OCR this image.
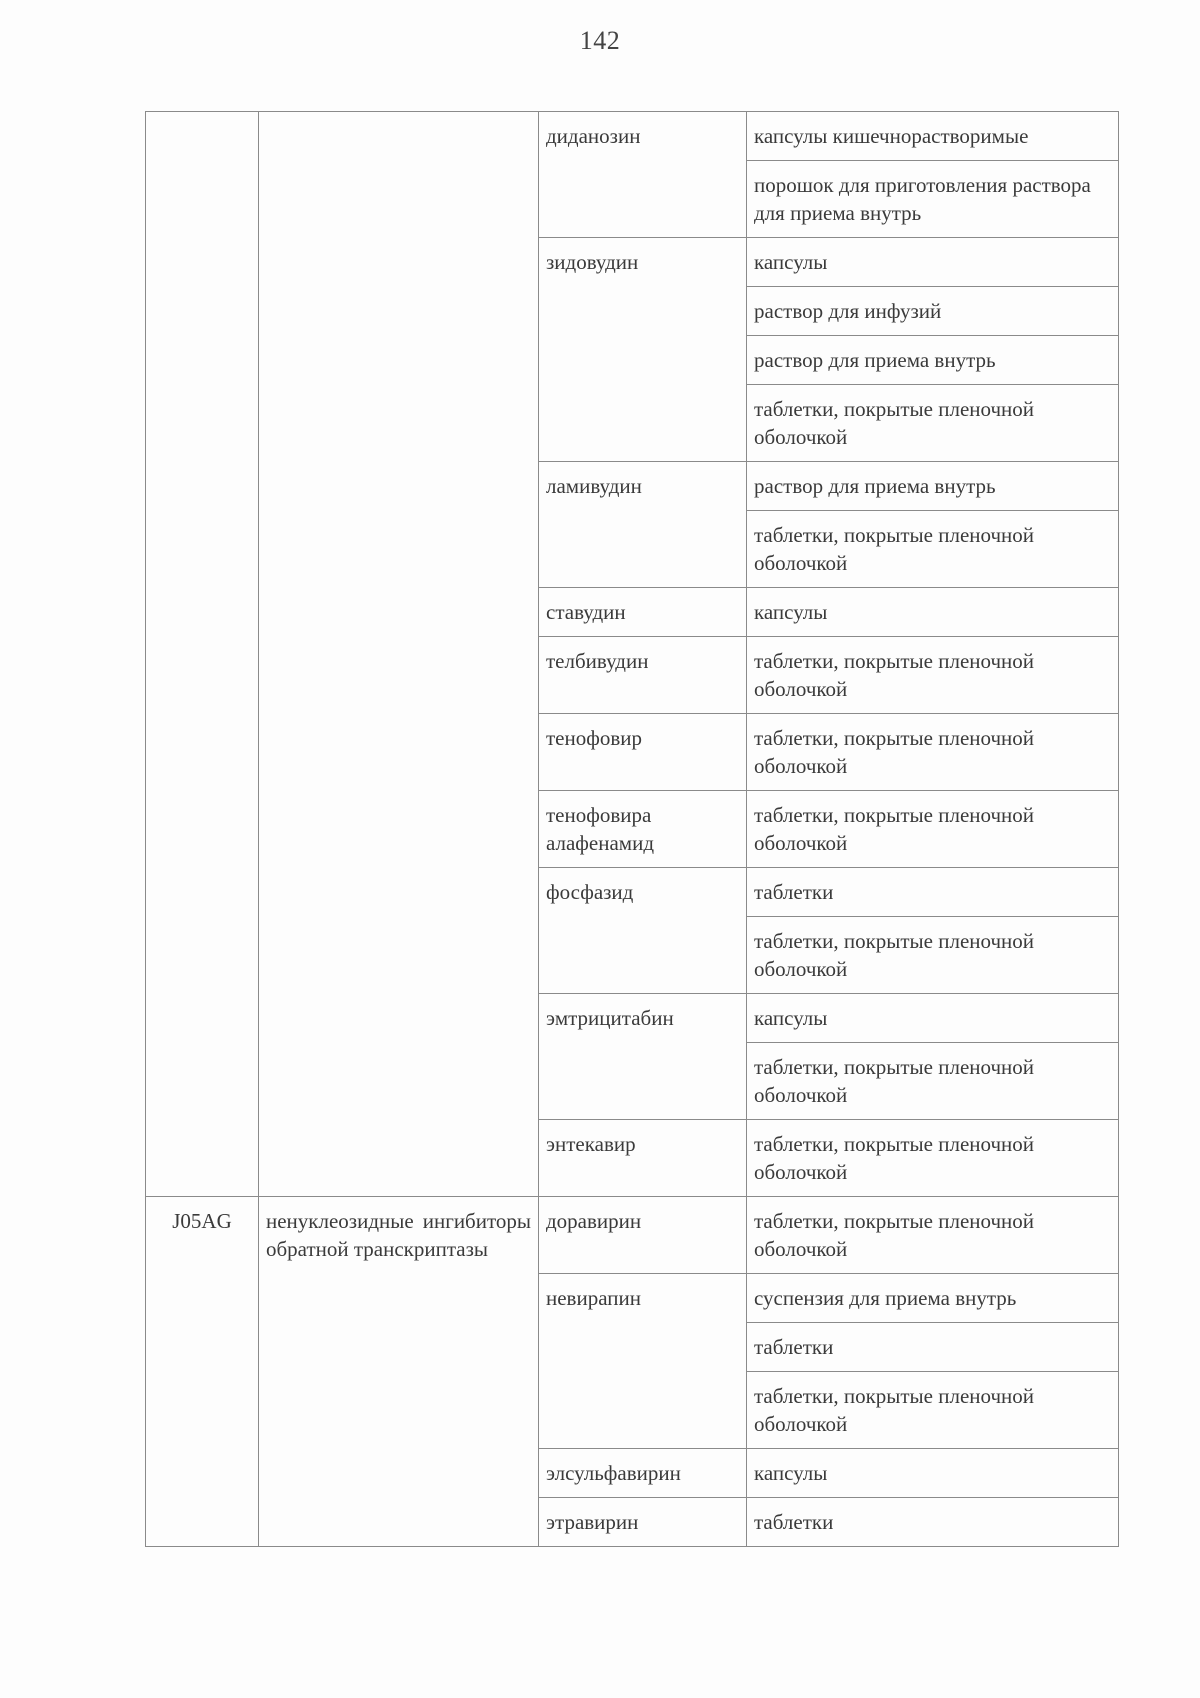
142
		диданозин	капсулы кишечнорастворимые
			порошок для приготовления раствора для приема внутрь
		зидовудин	капсулы
			раствор для инфузий
			раствор для приема внутрь
			таблетки, покрытые пленочной оболочкой
		ламивудин	раствор для приема внутрь
			таблетки, покрытые пленочной оболочкой
		ставудин	капсулы
		телбивудин	таблетки, покрытые пленочной оболочкой
		тенофовир	таблетки, покрытые пленочной оболочкой
		тенофовира алафенамид	таблетки, покрытые пленочной оболочкой
		фосфазид	таблетки
			таблетки, покрытые пленочной оболочкой
		эмтрицитабин	капсулы
			таблетки, покрытые пленочной оболочкой
		энтекавир	таблетки, покрытые пленочной оболочкой
J05AG	ненуклеозидные ингибиторы обратной транскриптазы	доравирин	таблетки, покрытые пленочной оболочкой
		невирапин	суспензия для приема внутрь
			таблетки
			таблетки, покрытые пленочной оболочкой
		элсульфавирин	капсулы
		этравирин	таблетки
